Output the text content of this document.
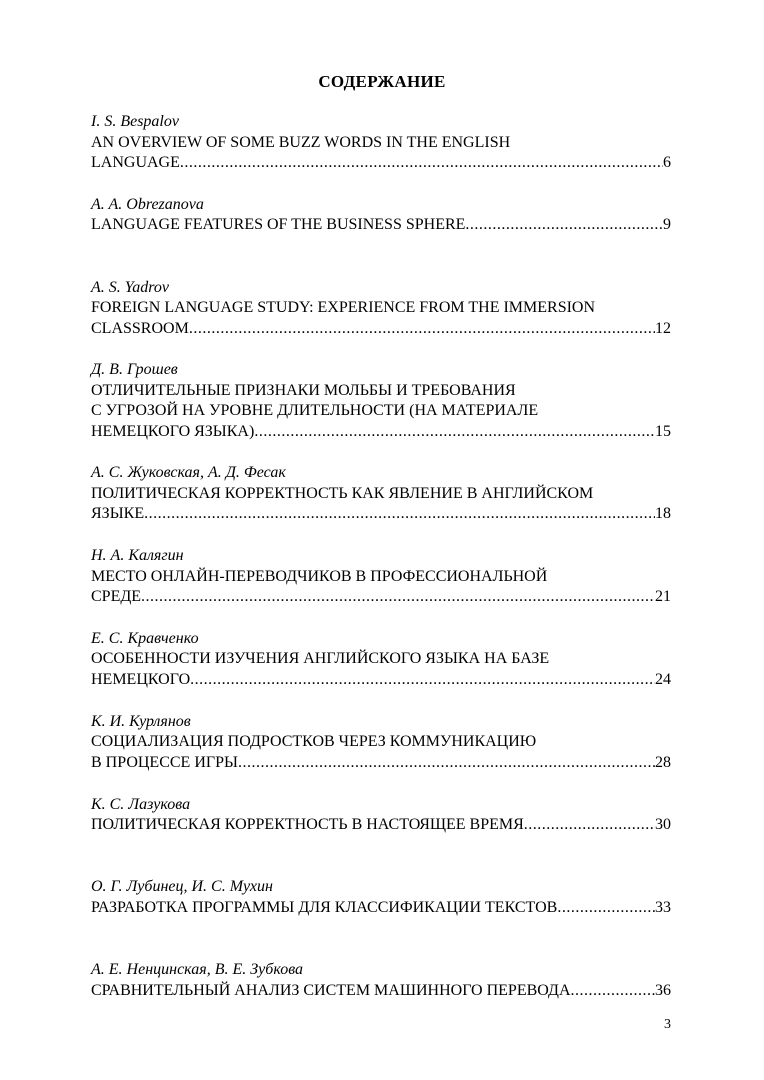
СОДЕРЖАНИЕ
I. S. Bespalov
AN OVERVIEW OF SOME BUZZ WORDS IN THE ENGLISH
LANGUAGE .....	6
A. A. Obrezanova
LANGUAGE FEATURES OF THE BUSINESS SPHERE .....	9
A. S. Yadrov
FOREIGN LANGUAGE STUDY: EXPERIENCE FROM THE IMMERSION
CLASSROOM .....	12
Д. В. Грошев
ОТЛИЧИТЕЛЬНЫЕ ПРИЗНАКИ МОЛЬБЫ И ТРЕБОВАНИЯ
С УГРОЗОЙ НА УРОВНЕ ДЛИТЕЛЬНОСТИ (НА МАТЕРИАЛЕ
НЕМЕЦКОГО ЯЗЫКА) .....	15
А. С. Жуковская, А. Д. Фесак
ПОЛИТИЧЕСКАЯ КОРРЕКТНОСТЬ КАК ЯВЛЕНИЕ В АНГЛИЙСКОМ
ЯЗЫКЕ .....	18
Н. А. Калягин
МЕСТО ОНЛАЙН-ПЕРЕВОДЧИКОВ В ПРОФЕССИОНАЛЬНОЙ
СРЕДЕ .....	21
Е. С. Кравченко
ОСОБЕННОСТИ ИЗУЧЕНИЯ АНГЛИЙСКОГО ЯЗЫКА НА БАЗЕ
НЕМЕЦКОГО .....	24
К. И. Курлянов
СОЦИАЛИЗАЦИЯ ПОДРОСТКОВ ЧЕРЕЗ КОММУНИКАЦИЮ
В ПРОЦЕССЕ ИГРЫ .....	28
К. С. Лазукова
ПОЛИТИЧЕСКАЯ КОРРЕКТНОСТЬ В НАСТОЯЩЕЕ ВРЕМЯ .....	30
О. Г. Лубинец, И. С. Мухин
РАЗРАБОТКА ПРОГРАММЫ ДЛЯ КЛАССИФИКАЦИИ ТЕКСТОВ .....	33
А. Е. Ненцинская, В. Е. Зубкова
СРАВНИТЕЛЬНЫЙ АНАЛИЗ СИСТЕМ МАШИННОГО ПЕРЕВОДА .....	36
3
